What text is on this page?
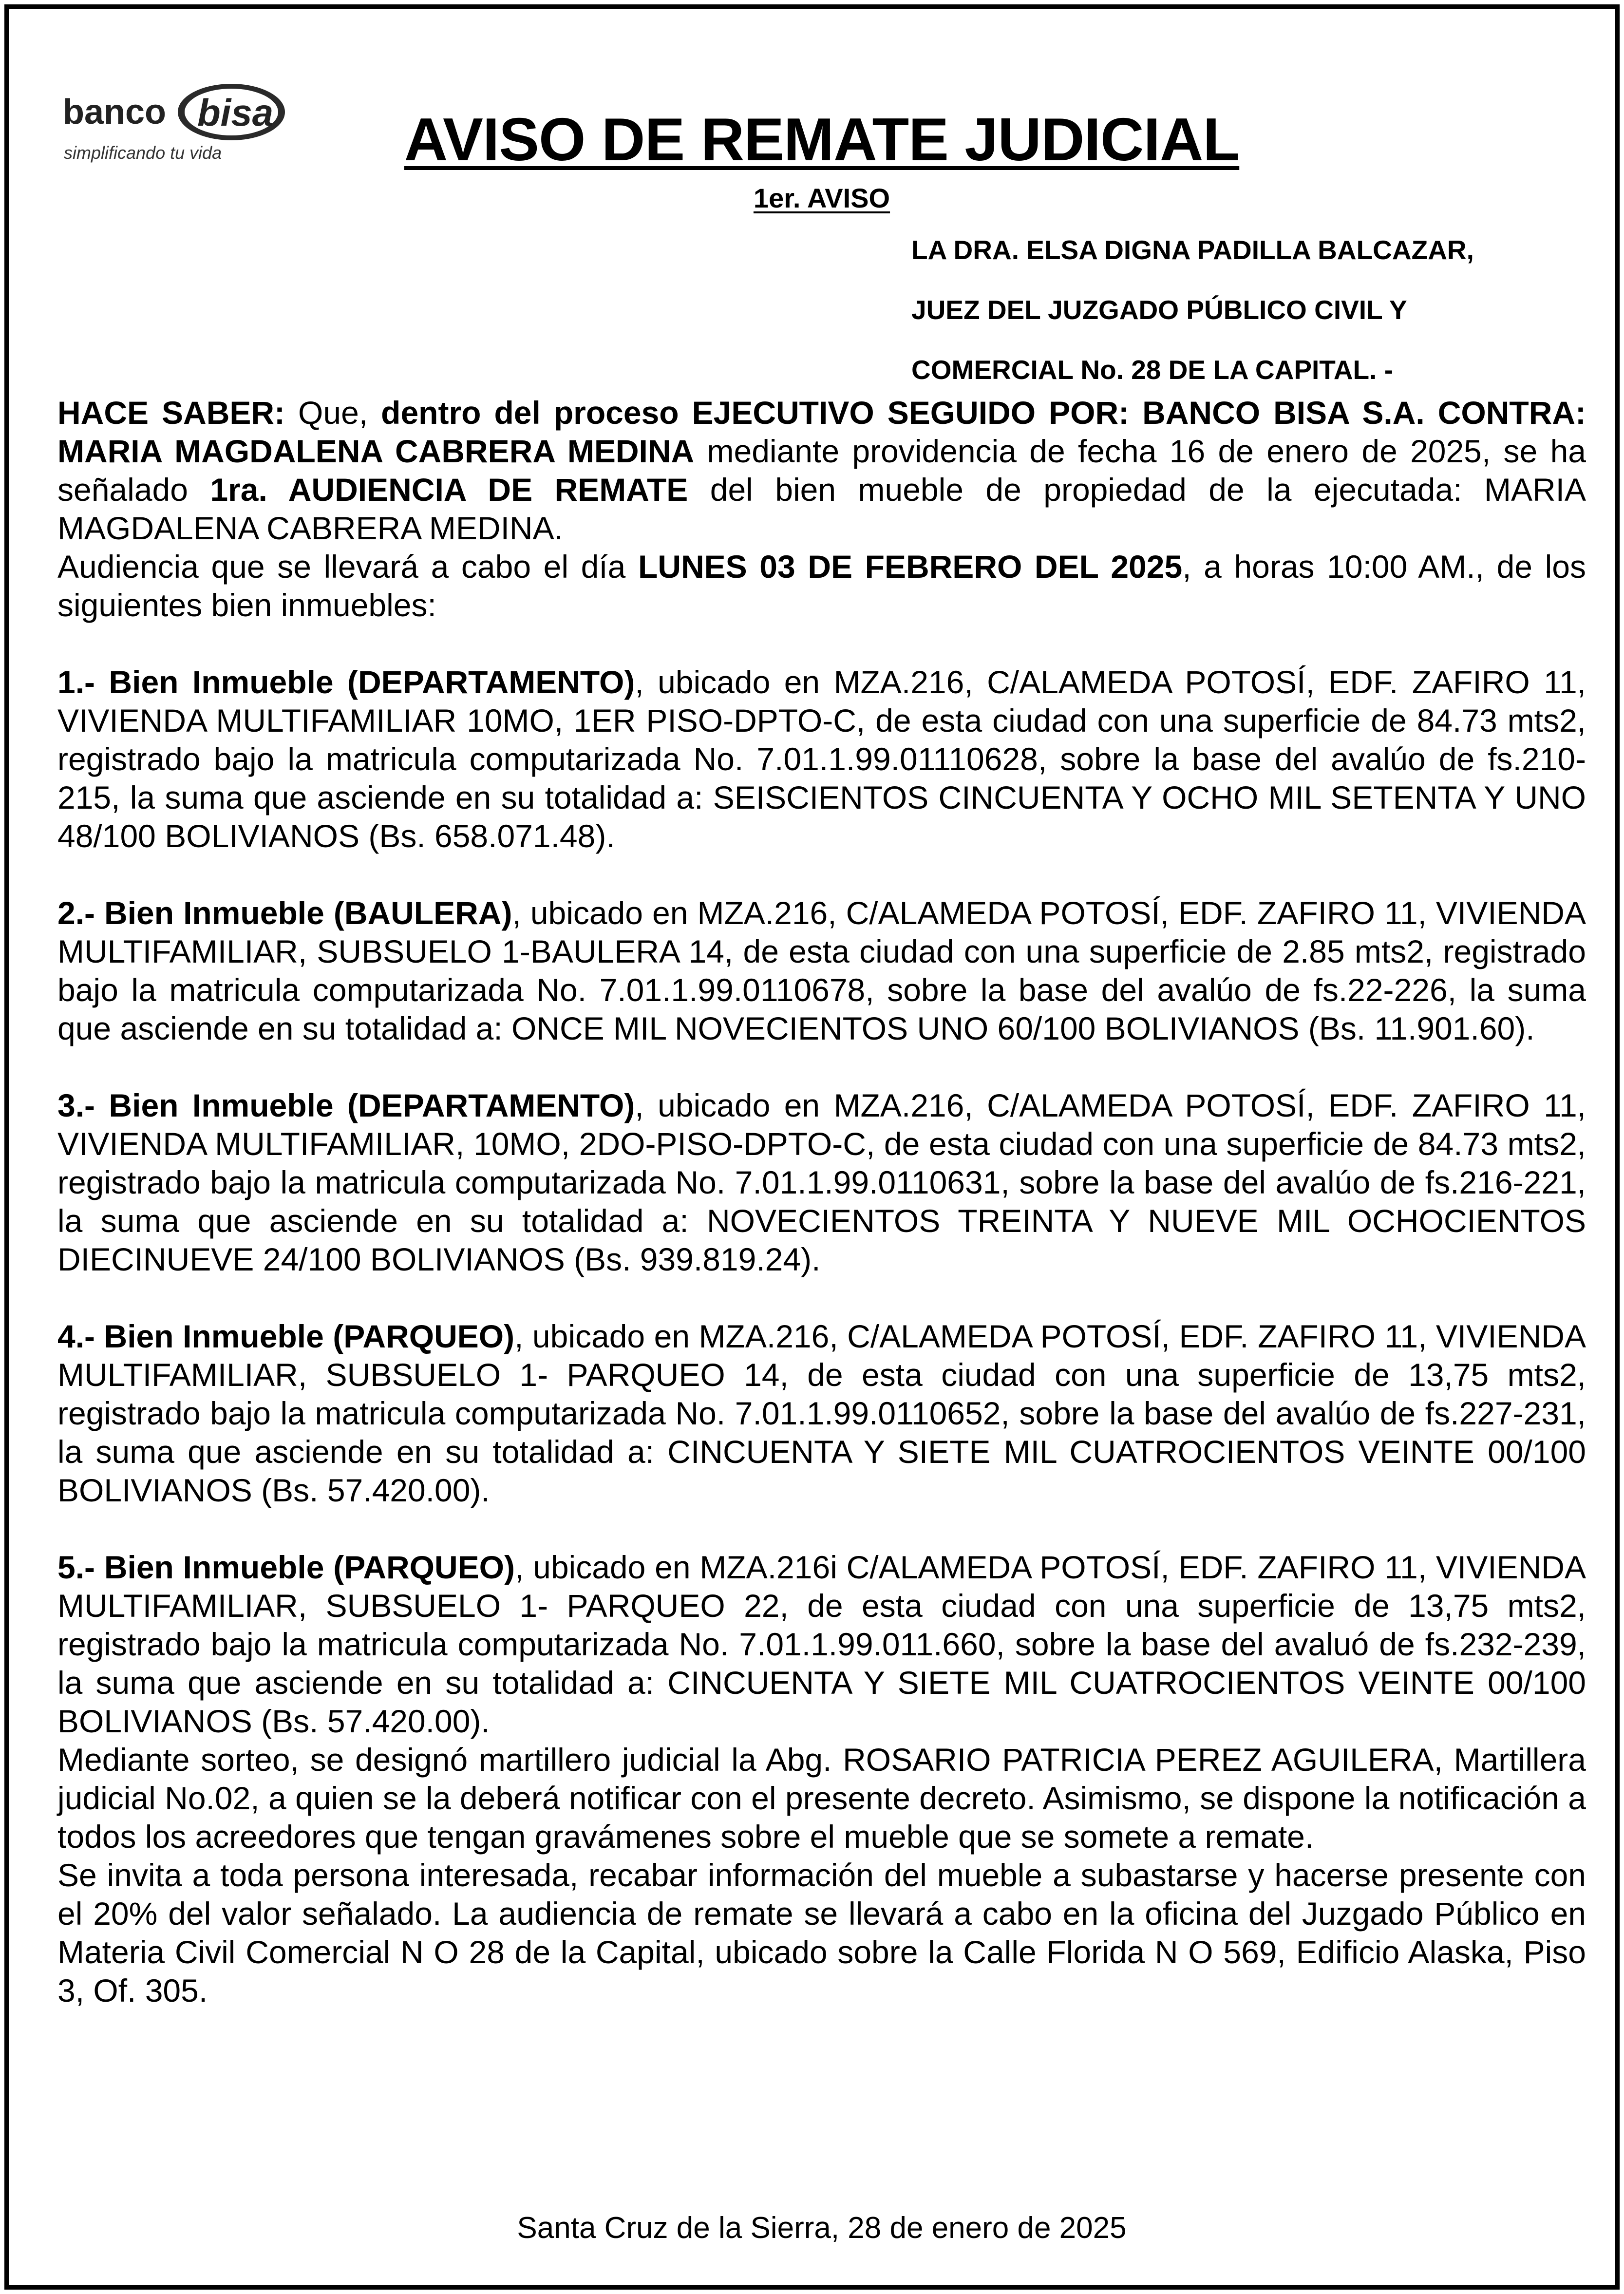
banco bisa
simplificando tu vida	AVISO DE REMATE JUDICIAL
1er. AVISO
LA DRA. ELSA DIGNA PADILLA BALCAZAR,
JUEZ DEL JUZGADO PÚBLICO CIVIL Y
COMERCIAL No. 28 DE LA CAPITAL. -

HACE SABER: Que, dentro del proceso EJECUTIVO SEGUIDO POR: BANCO BISA S.A. CONTRA: MARIA MAGDALENA CABRERA MEDINA mediante providencia de fecha 16 de enero de 2025, se ha señalado 1ra. AUDIENCIA DE REMATE del bien mueble de propiedad de la ejecutada: MARIA MAGDALENA CABRERA MEDINA.

Audiencia que se llevará a cabo el día LUNES 03 DE FEBRERO DEL 2025, a horas 10:00 AM., de los siguientes bien inmuebles:

1.- Bien Inmueble (DEPARTAMENTO), ubicado en MZA.216, C/ALAMEDA POTOSÍ, EDF. ZAFIRO 11, VIVIENDA MULTIFAMILIAR 10MO, 1ER PISO-DPTO-C, de esta ciudad con una superficie de 84.73 mts2, registrado bajo la matricula computarizada No. 7.01.1.99.01110628, sobre la base del avalúo de fs.210-215, la suma que asciende en su totalidad a: SEISCIENTOS CINCUENTA Y OCHO MIL SETENTA Y UNO 48/100 BOLIVIANOS (Bs. 658.071.48).

2.- Bien Inmueble (BAULERA), ubicado en MZA.216, C/ALAMEDA POTOSÍ, EDF. ZAFIRO 11, VIVIENDA MULTIFAMILIAR, SUBSUELO 1-BAULERA 14, de esta ciudad con una superficie de 2.85 mts2, registrado bajo la matricula computarizada No. 7.01.1.99.0110678, sobre la base del avalúo de fs.22-226, la suma que asciende en su totalidad a: ONCE MIL NOVECIENTOS UNO 60/100 BOLIVIANOS (Bs. 11.901.60).

3.- Bien Inmueble (DEPARTAMENTO), ubicado en MZA.216, C/ALAMEDA POTOSÍ, EDF. ZAFIRO 11, VIVIENDA MULTIFAMILIAR, 10MO, 2DO-PISO-DPTO-C, de esta ciudad con una superficie de 84.73 mts2, registrado bajo la matricula computarizada No. 7.01.1.99.0110631, sobre la base del avalúo de fs.216-221, la suma que asciende en su totalidad a: NOVECIENTOS TREINTA Y NUEVE MIL OCHOCIENTOS DIECINUEVE 24/100 BOLIVIANOS (Bs. 939.819.24).

4.- Bien Inmueble (PARQUEO), ubicado en MZA.216, C/ALAMEDA POTOSÍ, EDF. ZAFIRO 11, VIVIENDA MULTIFAMILIAR, SUBSUELO 1- PARQUEO 14, de esta ciudad con una superficie de 13,75 mts2, registrado bajo la matricula computarizada No. 7.01.1.99.0110652, sobre la base del avalúo de fs.227-231, la suma que asciende en su totalidad a: CINCUENTA Y SIETE MIL CUATROCIENTOS VEINTE 00/100 BOLIVIANOS (Bs. 57.420.00).

5.- Bien Inmueble (PARQUEO), ubicado en MZA.216i C/ALAMEDA POTOSÍ, EDF. ZAFIRO 11, VIVIENDA MULTIFAMILIAR, SUBSUELO 1- PARQUEO 22, de esta ciudad con una superficie de 13,75 mts2, registrado bajo la matricula computarizada No. 7.01.1.99.011.660, sobre la base del avaluó de fs.232-239, la suma que asciende en su totalidad a: CINCUENTA Y SIETE MIL CUATROCIENTOS VEINTE 00/100 BOLIVIANOS (Bs. 57.420.00).

Mediante sorteo, se designó martillero judicial la Abg. ROSARIO PATRICIA PEREZ AGUILERA, Martillera judicial No.02, a quien se la deberá notificar con el presente decreto. Asimismo, se dispone la notificación a todos los acreedores que tengan gravámenes sobre el mueble que se somete a remate.

Se invita a toda persona interesada, recabar información del mueble a subastarse y hacerse presente con el 20% del valor señalado. La audiencia de remate se llevará a cabo en la oficina del Juzgado Público en Materia Civil Comercial N O 28 de la Capital, ubicado sobre la Calle Florida N O 569, Edificio Alaska, Piso 3, Of. 305.

Santa Cruz de la Sierra, 28 de enero de 2025
